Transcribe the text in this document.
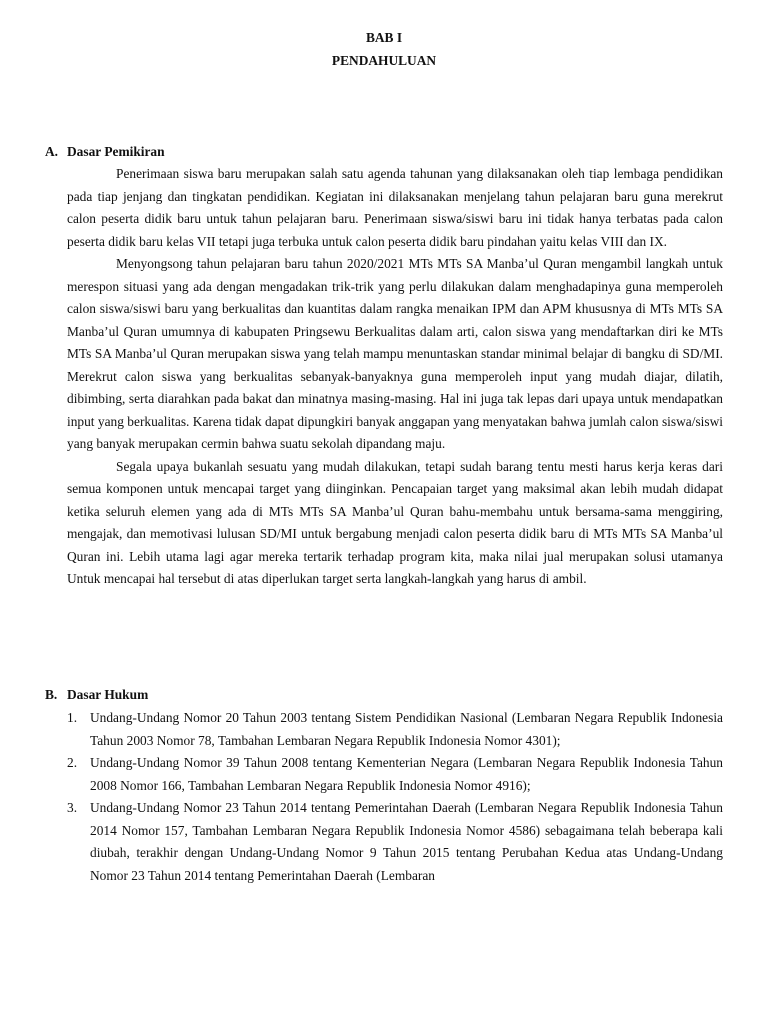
BAB I
PENDAHULUAN
A. Dasar Pemikiran

Penerimaan siswa baru merupakan salah satu agenda tahunan yang dilaksanakan oleh tiap lembaga pendidikan pada tiap jenjang dan tingkatan pendidikan. Kegiatan ini dilaksanakan menjelang tahun pelajaran baru guna merekrut calon peserta didik baru untuk tahun pelajaran baru. Penerimaan siswa/siswi baru ini tidak hanya terbatas pada calon peserta didik baru kelas VII tetapi juga terbuka untuk calon peserta didik baru pindahan yaitu kelas VIII dan IX.

Menyongsong tahun pelajaran baru tahun 2020/2021 MTs MTs SA Manba’ul Quran mengambil langkah untuk merespon situasi yang ada dengan mengadakan trik-trik yang perlu dilakukan dalam menghadapinya guna memperoleh calon siswa/siswi baru yang berkualitas dan kuantitas dalam rangka menaikan IPM dan APM khususnya di MTs MTs SA Manba’ul Quran umumnya di kabupaten Pringsewu Berkualitas dalam arti, calon siswa yang mendaftarkan diri ke MTs MTs SA Manba’ul Quran merupakan siswa yang telah mampu menuntaskan standar minimal belajar di bangku di SD/MI. Merekrut calon siswa yang berkualitas sebanyak-banyaknya guna memperoleh input yang mudah diajar, dilatih, dibimbing, serta diarahkan pada bakat dan minatnya masing-masing. Hal ini juga tak lepas dari upaya untuk mendapatkan input yang berkualitas. Karena tidak dapat dipungkiri banyak anggapan yang menyatakan bahwa jumlah calon siswa/siswi yang banyak merupakan cermin bahwa suatu sekolah dipandang maju.

Segala upaya bukanlah sesuatu yang mudah dilakukan, tetapi sudah barang tentu mesti harus kerja keras dari semua komponen untuk mencapai target yang diinginkan. Pencapaian target yang maksimal akan lebih mudah didapat ketika seluruh elemen yang ada di MTs MTs SA Manba’ul Quran bahu-membahu untuk bersama-sama menggiring, mengajak, dan memotivasi lulusan SD/MI untuk bergabung menjadi calon peserta didik baru di MTs MTs SA Manba’ul Quran ini. Lebih utama lagi agar mereka tertarik terhadap program kita, maka nilai jual merupakan solusi utamanya Untuk mencapai hal tersebut di atas diperlukan target serta langkah-langkah yang harus di ambil.

B. Dasar Hukum
1. Undang-Undang Nomor 20 Tahun 2003 tentang Sistem Pendidikan Nasional (Lembaran Negara Republik Indonesia Tahun 2003 Nomor 78, Tambahan Lembaran Negara Republik Indonesia Nomor 4301);
2. Undang-Undang Nomor 39 Tahun 2008 tentang Kementerian Negara (Lembaran Negara Republik Indonesia Tahun 2008 Nomor 166, Tambahan Lembaran Negara Republik Indonesia Nomor 4916);
3. Undang-Undang Nomor 23 Tahun 2014 tentang Pemerintahan Daerah (Lembaran Negara Republik Indonesia Tahun 2014 Nomor 157, Tambahan Lembaran Negara Republik Indonesia Nomor 4586) sebagaimana telah beberapa kali diubah, terakhir dengan Undang-Undang Nomor 9 Tahun 2015 tentang Perubahan Kedua atas Undang-Undang Nomor 23 Tahun 2014 tentang Pemerintahan Daerah (Lembaran
